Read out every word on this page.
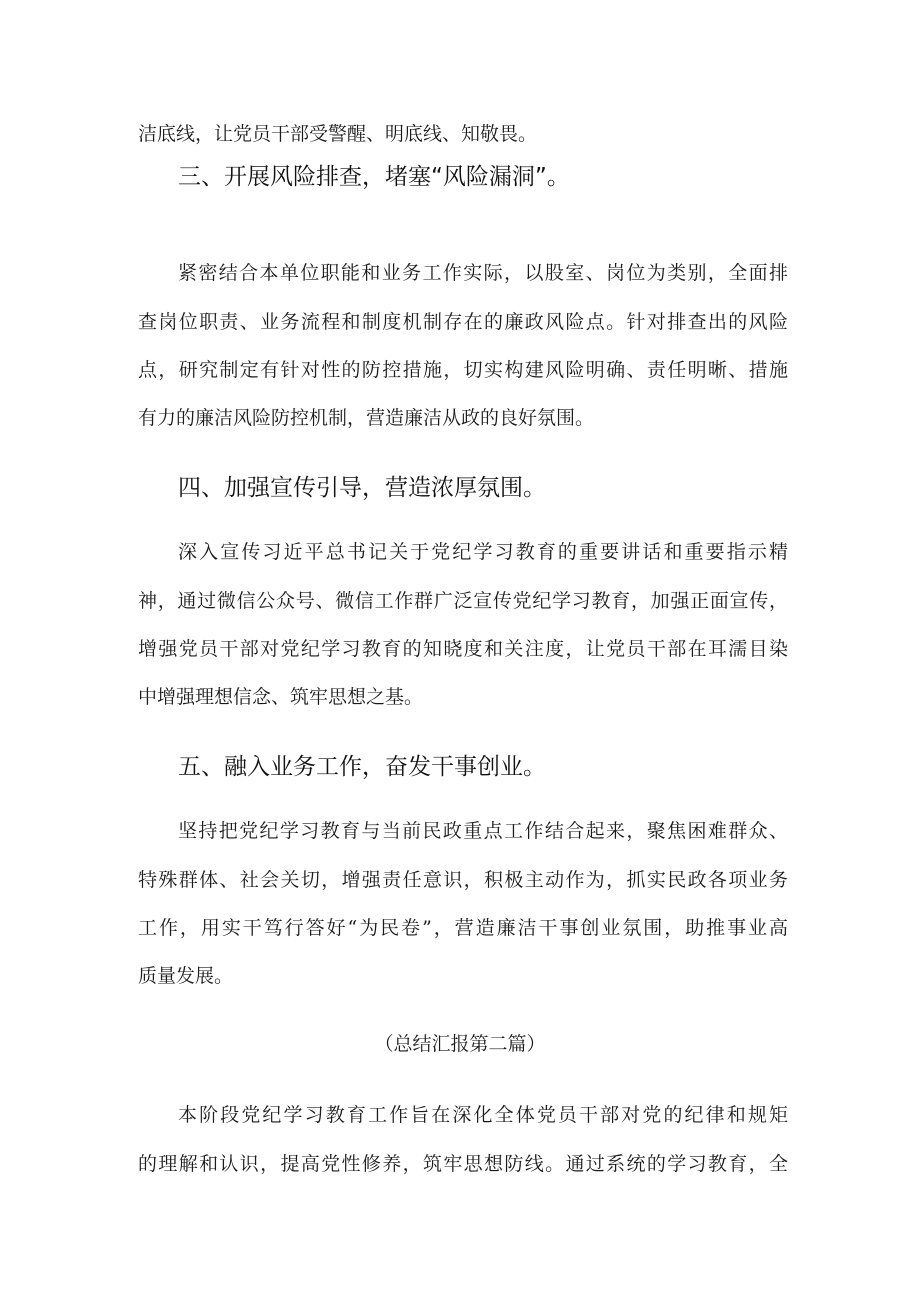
洁底线，让党员干部受警醒、明底线、知敬畏。
三、开展风险排查，堵塞“风险漏洞”。
紧密结合本单位职能和业务工作实际，以股室、岗位为类别，全面排
查岗位职责、业务流程和制度机制存在的廉政风险点。针对排查出的风险
点，研究制定有针对性的防控措施，切实构建风险明确、责任明晰、措施
有力的廉洁风险防控机制，营造廉洁从政的良好氛围。
四、加强宣传引导，营造浓厚氛围。
深入宣传习近平总书记关于党纪学习教育的重要讲话和重要指示精
神，通过微信公众号、微信工作群广泛宣传党纪学习教育，加强正面宣传，
增强党员干部对党纪学习教育的知晓度和关注度，让党员干部在耳濡目染
中增强理想信念、筑牢思想之基。
五、融入业务工作，奋发干事创业。
坚持把党纪学习教育与当前民政重点工作结合起来，聚焦困难群众、
特殊群体、社会关切，增强责任意识，积极主动作为，抓实民政各项业务
工作，用实干笃行答好“为民卷”，营造廉洁干事创业氛围，助推事业高
质量发展。
（总结汇报第二篇）
本阶段党纪学习教育工作旨在深化全体党员干部对党的纪律和规矩
的理解和认识，提高党性修养，筑牢思想防线。通过系统的学习教育，全
